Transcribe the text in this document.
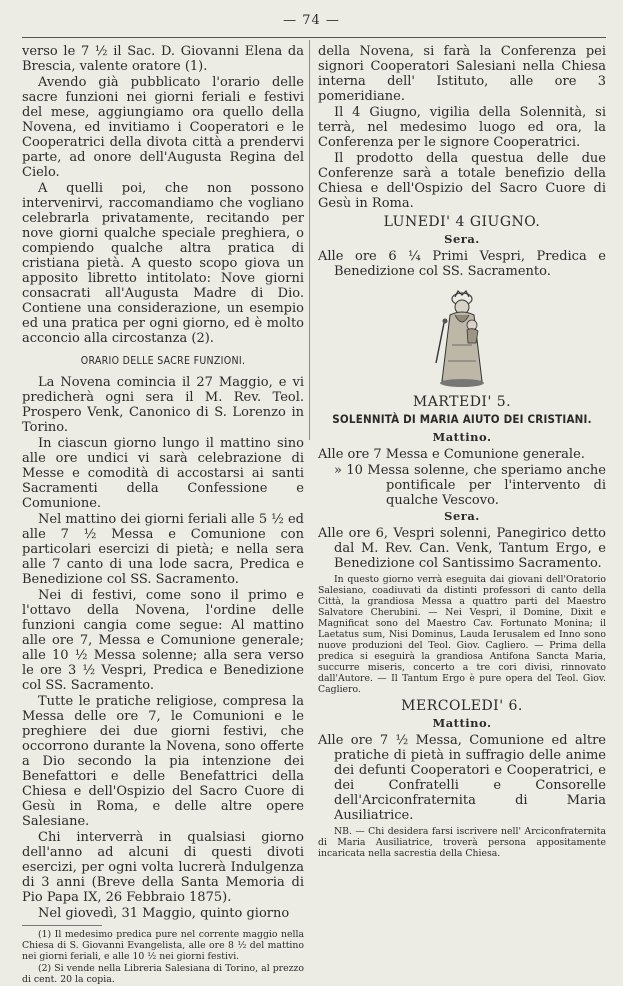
— 74 —

verso le 7 ½ il Sac. D. Giovanni Elena da Brescia, valente oratore (1).

Avendo già pubblicato l'orario delle sacre funzioni nei giorni feriali e festivi del mese, aggiungiamo ora quello della Novena, ed invitiamo i Cooperatori e le Cooperatrici della divota città a prendervi parte, ad onore dell'Augusta Regina del Cielo.

A quelli poi, che non possono intervenirvi, raccomandiamo che vogliano celebrarla privatamente, recitando per nove giorni qualche speciale preghiera, o compiendo qualche altra pratica di cristiana pietà. A questo scopo giova un apposito libretto intitolato: Nove giorni consacrati all'Augusta Madre di Dio. Contiene una considerazione, un esempio ed una pratica per ogni giorno, ed è molto acconcio alla circostanza (2).

ORARIO DELLE SACRE FUNZIONI.

La Novena comincia il 27 Maggio, e vi predicherà ogni sera il M. Rev. Teol. Prospero Venk, Canonico di S. Lorenzo in Torino.

In ciascun giorno lungo il mattino sino alle ore undici vi sarà celebrazione di Messe e comodità di accostarsi ai santi Sacramenti della Confessione e Comunione.

Nel mattino dei giorni feriali alle 5 ½ ed alle 7 ½ Messa e Comunione con particolari esercizi di pietà; e nella sera alle 7 canto di una lode sacra, Predica e Benedizione col SS. Sacramento.

Nei di festivi, come sono il primo e l'ottavo della Novena, l'ordine delle funzioni cangia come segue: Al mattino alle ore 7, Messa e Comunione generale; alle 10 ½ Messa solenne; alla sera verso le ore 3 ½ Vespri, Predica e Benedizione col SS. Sacramento.

Tutte le pratiche religiose, compresa la Messa delle ore 7, le Comunioni e le preghiere dei due giorni festivi, che occorrono durante la Novena, sono offerte a Dio secondo la pia intenzione dei Benefattori e delle Benefattrici della Chiesa e dell'Ospizio del Sacro Cuore di Gesù in Roma, e delle altre opere Salesiane.

Chi interverrà in qualsiasi giorno dell'anno ad alcuni di questi divoti esercizi, per ogni volta lucrerà Indulgenza di 3 anni (Breve della Santa Memoria di Pio Papa IX, 26 Febbraio 1875).

Nel giovedì, 31 Maggio, quinto giorno

(1) Il medesimo predica pure nel corrente maggio nella Chiesa di S. Giovanni Evangelista, alle ore 8 ½ del mattino nei giorni feriali, e alle 10 ½ nei giorni festivi.

(2) Si vende nella Libreria Salesiana di Torino, al prezzo di cent. 20 la copia.

della Novena, si farà la Conferenza pei signori Cooperatori Salesiani nella Chiesa interna dell' Istituto, alle ore 3 pomeridiane.

Il 4 Giugno, vigilia della Solennità, si terrà, nel medesimo luogo ed ora, la Conferenza per le signore Cooperatrici.

Il prodotto della questua delle due Conferenze sarà a totale benefizio della Chiesa e dell'Ospizio del Sacro Cuore di Gesù in Roma.

LUNEDI' 4 GIUGNO.
Sera.

Alle ore 6 ¼ Primi Vespri, Predica e Benedizione col SS. Sacramento.

MARTEDI' 5.
SOLENNITÀ DI MARIA AIUTO DEI CRISTIANI.
Mattino.

Alle ore 7 Messa e Comunione generale.

» 10 Messa solenne, che speriamo anche pontificale per l'intervento di qualche Vescovo.

Sera.

Alle ore 6, Vespri solenni, Panegirico detto dal M. Rev. Can. Venk, Tantum Ergo, e Benedizione col Santissimo Sacramento.

In questo giorno verrà eseguita dai giovani dell'Oratorio Salesiano, coadiuvati da distinti professori di canto della Città, la grandiosa Messa a quattro parti del Maestro Salvatore Cherubini. — Nei Vespri, il Domine, Dixit e Magnificat sono del Maestro Cav. Fortunato Monina; il Laetatus sum, Nisi Dominus, Lauda Ierusalem ed Inno sono nuove produzioni del Teol. Giov. Cagliero. — Prima della predica si eseguirà la grandiosa Antifona Sancta Maria, succurre miseris, concerto a tre cori divisi, rinnovato dall'Autore. — Il Tantum Ergo è pure opera del Teol. Giov. Cagliero.

MERCOLEDI' 6.
Mattino.

Alle ore 7 ½ Messa, Comunione ed altre pratiche di pietà in suffragio delle anime dei defunti Cooperatori e Cooperatrici, e dei Confratelli e Consorelle dell'Arciconfraternita di Maria Ausiliatrice.

NB. — Chi desidera farsi iscrivere nell' Arciconfraternita di Maria Ausiliatrice, troverà persona appositamente incaricata nella sacrestia della Chiesa.
